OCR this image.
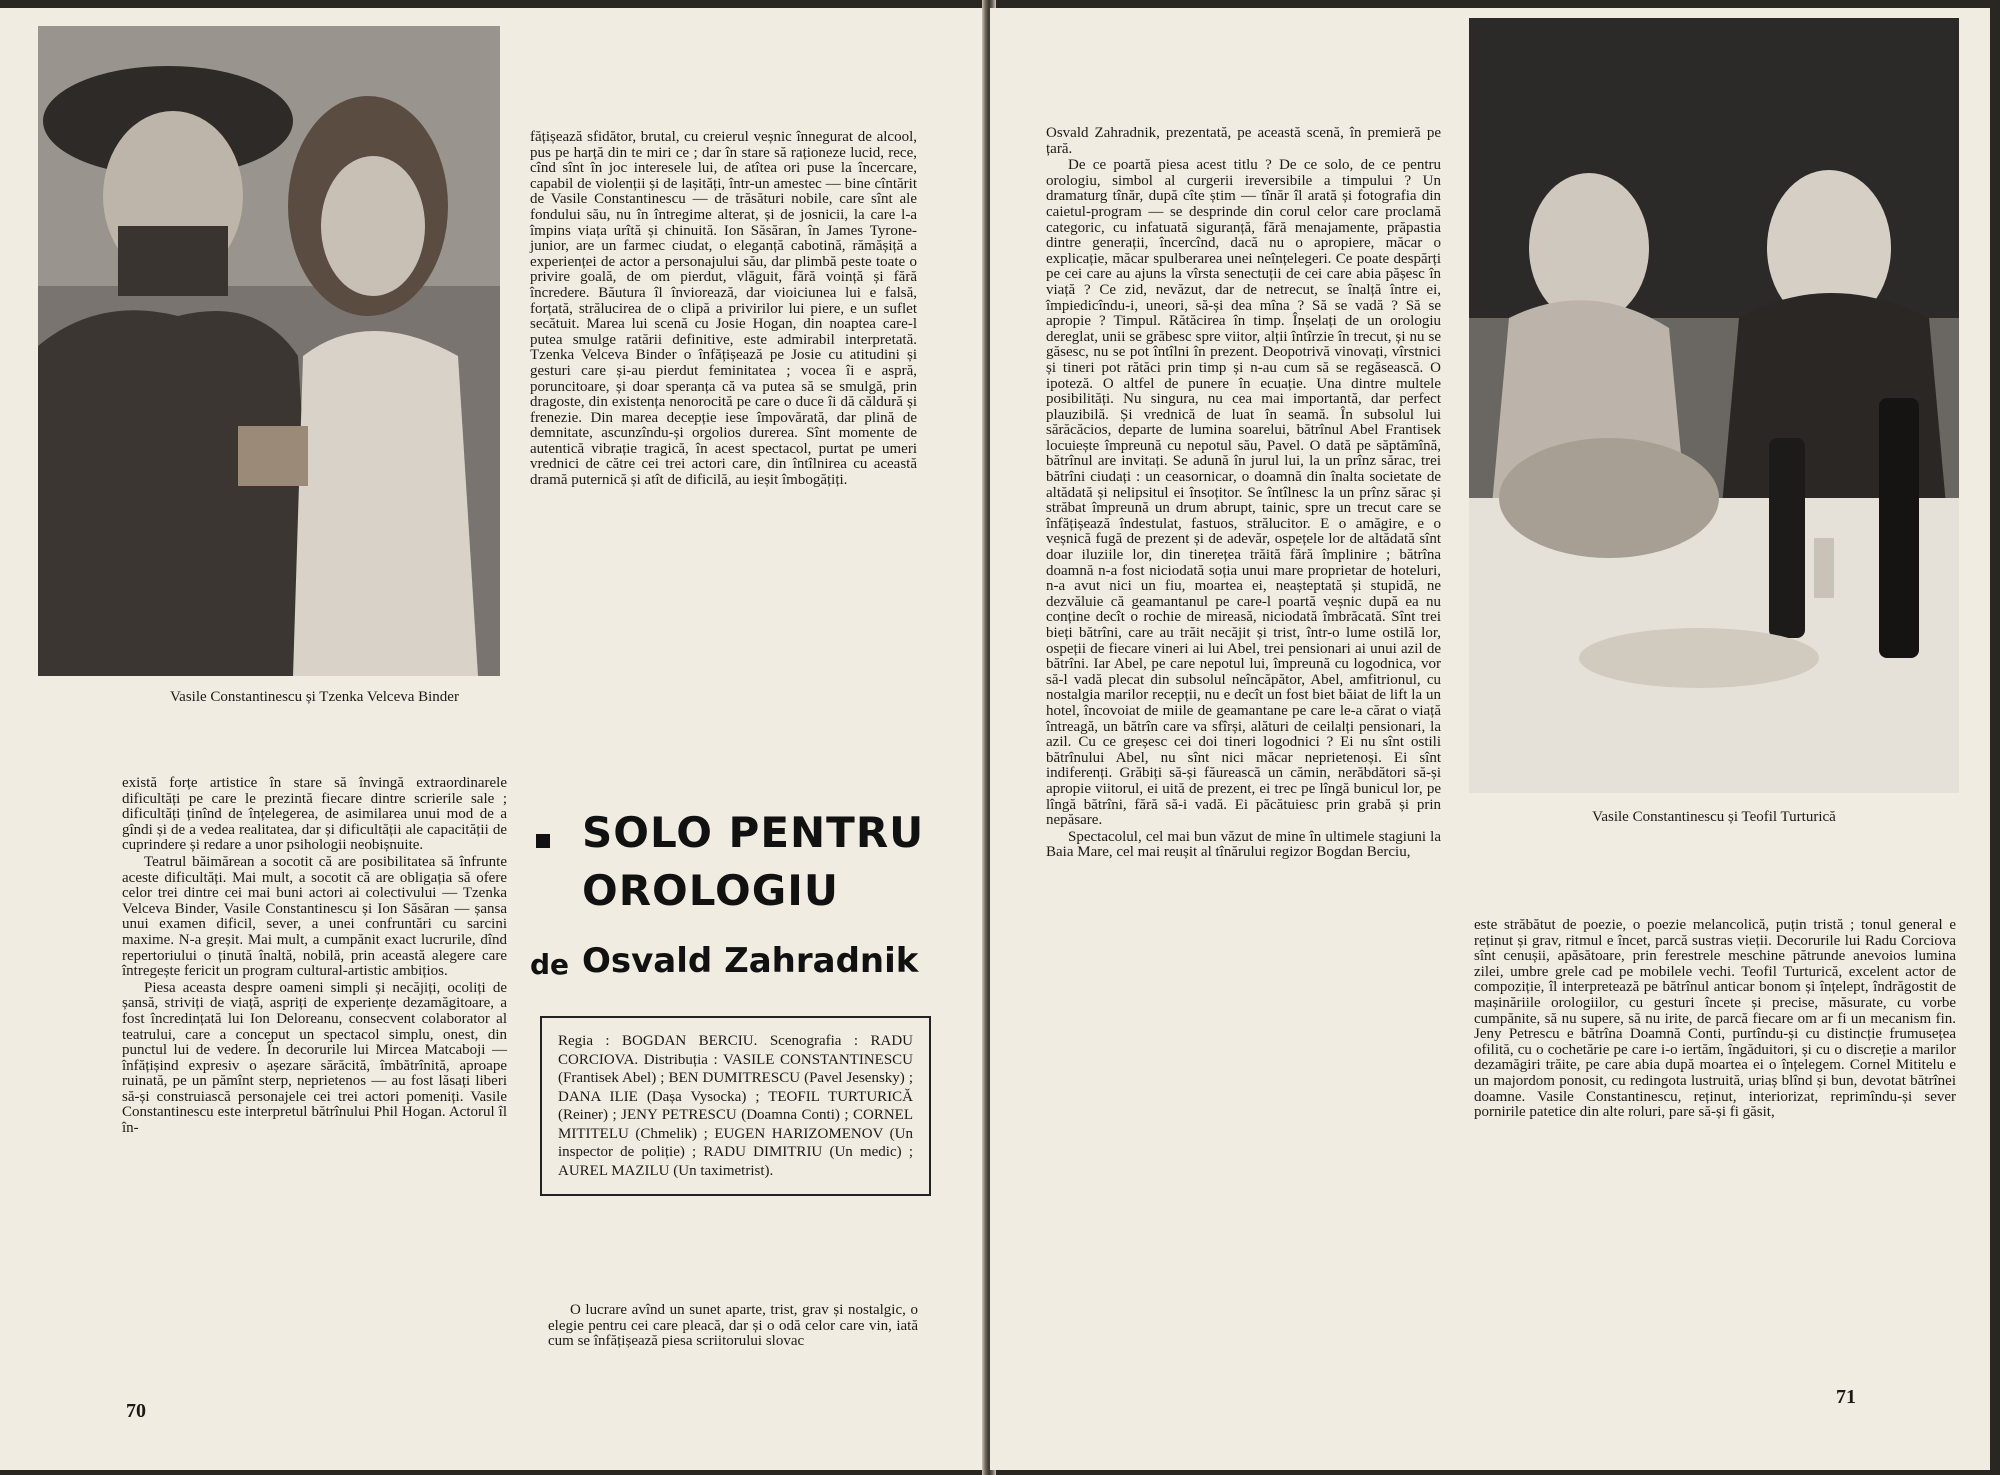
Vasile Constantinescu și Tzenka Velceva Binder

există forțe artistice în stare să învingă extraordinarele dificultăți pe care le prezintă fiecare dintre scrierile sale ; dificultăți ținînd de înțelegerea, de asimilarea unui mod de a gîndi și de a vedea realitatea, dar și dificultății ale capacității de cuprindere și redare a unor psihologii neobișnuite.

Teatrul băimărean a socotit că are posibilitatea să înfrunte aceste dificultăți. Mai mult, a socotit că are obligația să ofere celor trei dintre cei mai buni actori ai colectivului — Tzenka Velceva Binder, Vasile Constantinescu și Ion Săsăran — șansa unui examen dificil, sever, a unei confruntări cu sarcini maxime. N-a greșit. Mai mult, a cumpănit exact lucrurile, dînd repertoriului o ținută înaltă, nobilă, prin această alegere care întregește fericit un program cultural-artistic ambițios.

Piesa aceasta despre oameni simpli și necăjiți, ocoliți de șansă, striviți de viață, aspriți de experiențe dezamăgitoare, a fost încredințată lui Ion Deloreanu, consecvent colaborator al teatrului, care a conceput un spectacol simplu, onest, din punctul lui de vedere. În decorurile lui Mircea Matcaboji — înfățișind expresiv o așezare sărăcită, îmbătrînită, aproape ruinată, pe un pămînt sterp, neprietenos — au fost lăsați liberi să-și construiască personajele cei trei actori pomeniți. Vasile Constantinescu este interpretul bătrînului Phil Hogan. Actorul îl în-

fățișează sfidător, brutal, cu creierul veșnic înnegurat de alcool, pus pe harță din te miri ce ; dar în stare să raționeze lucid, rece, cînd sînt în joc interesele lui, de atîtea ori puse la încercare, capabil de violenții și de lașități, într-un amestec — bine cîntărit de Vasile Constantinescu — de trăsături nobile, care sînt ale fondului său, nu în întregime alterat, și de josnicii, la care l-a împins viața urîtă și chinuită. Ion Săsăran, în James Tyrone-junior, are un farmec ciudat, o eleganță cabotină, rămășiță a experienței de actor a personajului său, dar plimbă peste toate o privire goală, de om pierdut, vlăguit, fără voință și fără încredere. Băutura îl înviorează, dar vioiciunea lui e falsă, forțată, strălucirea de o clipă a privirilor lui piere, e un suflet secătuit. Marea lui scenă cu Josie Hogan, din noaptea care-l putea smulge ratării definitive, este admirabil interpretată. Tzenka Velceva Binder o înfățișează pe Josie cu atitudini și gesturi care și-au pierdut feminitatea ; vocea îi e aspră, poruncitoare, și doar speranța că va putea să se smulgă, prin dragoste, din existența nenorocită pe care o duce îi dă căldură și frenezie. Din marea decepție iese împovărată, dar plină de demnitate, ascunzîndu-și orgolios durerea. Sînt momente de autentică vibrație tragică, în acest spectacol, purtat pe umeri vrednici de către cei trei actori care, din întîlnirea cu această dramă puternică și atît de dificilă, au ieșit îmbogățiți.

SOLO PENTRU
OROLOGIU
de Osvald Zahradnik
Regia : BOGDAN BERCIU. Scenografia : RADU CORCIOVA. Distribuția : VASILE CONSTANTINESCU (Frantisek Abel) ; BEN DUMITRESCU (Pavel Jesensky) ; DANA ILIE (Dașa Vysocka) ; TEOFIL TURTURICĂ (Reiner) ; JENY PETRESCU (Doamna Conti) ; CORNEL MITITELU (Chmelik) ; EUGEN HARIZOMENOV (Un inspector de poliție) ; RADU DIMITRIU (Un medic) ; AUREL MAZILU (Un taximetrist).

O lucrare avînd un sunet aparte, trist, grav și nostalgic, o elegie pentru cei care pleacă, dar și o odă celor care vin, iată cum se înfățișează piesa scriitorului slovac

70

Osvald Zahradnik, prezentată, pe această scenă, în premieră pe țară.

De ce poartă piesa acest titlu ? De ce solo, de ce pentru orologiu, simbol al curgerii ireversibile a timpului ? Un dramaturg tînăr, după cîte știm — tînăr îl arată și fotografia din caietul-program — se desprinde din corul celor care proclamă categoric, cu infatuată siguranță, fără menajamente, prăpastia dintre generații, încercînd, dacă nu o apropiere, măcar o explicație, măcar spulberarea unei neînțelegeri. Ce poate despărți pe cei care au ajuns la vîrsta senectuții de cei care abia pășesc în viață ? Ce zid, nevăzut, dar de netrecut, se înalță între ei, împiedicîndu-i, uneori, să-și dea mîna ? Să se vadă ? Să se apropie ? Timpul. Rătăcirea în timp. Înșelați de un orologiu dereglat, unii se grăbesc spre viitor, alții întîrzie în trecut, și nu se găsesc, nu se pot întîlni în prezent. Deopotrivă vinovați, vîrstnici și tineri pot rătăci prin timp și n-au cum să se regăsească. O ipoteză. O altfel de punere în ecuație. Una dintre multele posibilități. Nu singura, nu cea mai importantă, dar perfect plauzibilă. Și vrednică de luat în seamă. În subsolul lui sărăcăcios, departe de lumina soarelui, bătrînul Abel Frantisek locuiește împreună cu nepotul său, Pavel. O dată pe săptămînă, bătrînul are invitați. Se adună în jurul lui, la un prînz sărac, trei bătrîni ciudați : un ceasornicar, o doamnă din înalta societate de altădată și nelipsitul ei însoțitor. Se întîlnesc la un prînz sărac și străbat împreună un drum abrupt, tainic, spre un trecut care se înfățișează îndestulat, fastuos, strălucitor. E o amăgire, e o veșnică fugă de prezent și de adevăr, ospețele lor de altădată sînt doar iluziile lor, din tinerețea trăită fără împlinire ; bătrîna doamnă n-a fost niciodată soția unui mare proprietar de hoteluri, n-a avut nici un fiu, moartea ei, neașteptată și stupidă, ne dezvăluie că geamantanul pe care-l poartă veșnic după ea nu conține decît o rochie de mireasă, niciodată îmbrăcată. Sînt trei bieți bătrîni, care au trăit necăjit și trist, într-o lume ostilă lor, ospeții de fiecare vineri ai lui Abel, trei pensionari ai unui azil de bătrîni. Iar Abel, pe care nepotul lui, împreună cu logodnica, vor să-l vadă plecat din subsolul neîncăpător, Abel, amfitrionul, cu nostalgia marilor recepții, nu e decît un fost biet băiat de lift la un hotel, încovoiat de miile de geamantane pe care le-a cărat o viață întreagă, un bătrîn care va sfîrși, alături de ceilalți pensionari, la azil. Cu ce greșesc cei doi tineri logodnici ? Ei nu sînt ostili bătrînului Abel, nu sînt nici măcar neprietenoși. Ei sînt indiferenți. Grăbiți să-și făurească un cămin, nerăbdători să-și apropie viitorul, ei uită de prezent, ei trec pe lîngă bunicul lor, pe lîngă bătrîni, fără să-i vadă. Ei păcătuiesc prin grabă și prin nepăsare.

Spectacolul, cel mai bun văzut de mine în ultimele stagiuni la Baia Mare, cel mai reușit al tînărului regizor Bogdan Berciu,

Vasile Constantinescu și Teofil Turturică

este străbătut de poezie, o poezie melancolică, puțin tristă ; tonul general e reținut și grav, ritmul e încet, parcă sustras vieții. Decorurile lui Radu Corciova sînt cenușii, apăsătoare, prin ferestrele meschine pătrunde anevoios lumina zilei, umbre grele cad pe mobilele vechi. Teofil Turturică, excelent actor de compoziție, îl interpretează pe bătrînul anticar bonom și înțelept, îndrăgostit de mașinăriile orologiilor, cu gesturi încete și precise, măsurate, cu vorbe cumpănite, să nu supere, să nu irite, de parcă fiecare om ar fi un mecanism fin. Jeny Petrescu e bătrîna Doamnă Conti, purtîndu-și cu distincție frumusețea ofilită, cu o cochetărie pe care i-o iertăm, îngăduitori, și cu o discreție a marilor dezamăgiri trăite, pe care abia după moartea ei o înțelegem. Cornel Mititelu e un majordom ponosit, cu redingota lustruită, uriaș blînd și bun, devotat bătrînei doamne. Vasile Constantinescu, reținut, interiorizat, reprimîndu-și sever pornirile patetice din alte roluri, pare să-și fi găsit,

71
